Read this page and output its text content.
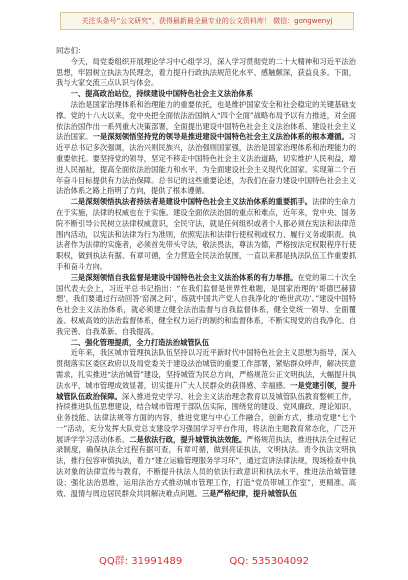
关注头条号“公文研究”，获得最新最全最专业的公文资料库！ 微信：gongwenyj

同志们：

今天，局党委组织开展理论学习中心组学习，深入学习贯彻党的二十大精神和习近平法治思想，牢固树立执法为民理念，着力提升行政执法规范化水平、感触颇深，获益良多。下面，我与大家交流三点认识与体会。

一、提高政治站位，持续建设中国特色社会主义法治体系

法治是国家治理体系和治理能力的重要依托，也是维护国家安全和社会稳定的关键基础支撑。党的十八大以来，党中央把全面依法治国纳入“四个全面”战略布局予以有力推进，对全面依法治国作出一系列重大决策部署，全面提出建设中国特色社会主义法治体系、建设社会主义法治国家。一是深刻领悟坚持党的领导是推进建设中国特色社会主义法治体系的根本遵循。习近平总书记多次强调，法治兴则民族兴，法治强则国家强，法治是国家治理体系和治理能力的重要依托。要坚持党的领导，坚定不移走中国特色社会主义法治道路，切实维护人民利益，增进人民福祉，提高全面依法治国能力和水平，为全面建设社会主义现代化国家、实现第二个百年奋斗目标提供有力法治保障。总书记的这些重要论述，为我们在奋力建设中国特色社会主义法治体系之路上指明了方向，提供了根本遵循。

二是深刻领悟执法者持法者是建设中国特色社会主义法治体系的重要抓手。法律的生命力在于实施，法律的权威也在于实施。建设全面依法治国的重点和难点，近年来，党中央、国务院不断引导公民树立法律权威意识，全民守法，就是任何组织或者个人都必须在宪法和法律范围内活动，以宪法和法律为行为准则，依照宪法和法律行使权利或权力、履行义务或职责。执法者作为法律的实施者，必须首先带头守法，敬法畏法，尊法为德，严格按法定权限程序行使职权，做到执法有据、有章可循，全力营造全民法治氛围，一直以来都是执法队伍工作重要抓手和奋斗方向。

三是深刻领悟自我监督是建设中国特色社会主义法治体系的有力举措。在党的第二十次全国代表大会上，习近平总书记指出：“在我们监督是世界性难题，是国家治理的‘哥德巴赫猜想’，我们要通过行动回答‘窑洞之问’，练就中国共产党人自我净化的‘绝世武功’。”建设中国特色社会主义法治体系，就必须建立健全法治监督与自我监督体系，健全党统一领导、全面覆盖、权威高效的法治监督体系，健全权力运行的制约和监督体系，不断实现党的自我净化、自我完善、自我革新、自我提高。

二、强化管理提质，全力打造法治城管队伍

近年来，我区城市管理执法队伍坚持以习近平新时代中国特色社会主义思想为指导，深入贯彻落实区委区政府以及局党委关于建设法治城管的重要工作部署，紧贴群众呼声，解决民意需求，扎实推进“法治城管”建设，坚持城管为民总方向，严格规范公正文明执法，大幅提升执法水平，城市管理成效显著，切实提升广大人民群众的获得感、幸福感。一是党建引领，提升城管队伍政治保障。深入推进党史学习、社会主义法治理念教育以及城管队伍教育整顿工作，持续推进队伍思想建设，结合城市管理干部队伍实际，围绕党的建设、党风廉政、理论知识、业务技能、法律法规等方面的内容，推进党建与中心工作融合，创新方式，推动党建“七个一”活动，充分发挥大队党总支建设学习强国学习平台作用，将法治主题教育常态化，广泛开展讲学学习活动体系。二是依法行政，提升城管执法效能。严格规范执法，推进执法全过程记录制度，确保执法全过程有据可查，有章可循，做到亮证执法，文明执法。责令执法文明执法，推行包容审慎执法，着力“建立运输管理服务学习环”，通过宣讲法律法规，现场检查中执法对象的法律宣传与教育，不断提升执法人员的依法行政意识和执法水平，推进法治城管建设；强化法治思维，运用法治方式推动城市管理工作，打造“党员带城工作室”，更精准、高效、温情与周边居民群众共同解决难点问题。三是严格纪律，提升城管队伍

QQ群: 31991489	QQ: 535304092
